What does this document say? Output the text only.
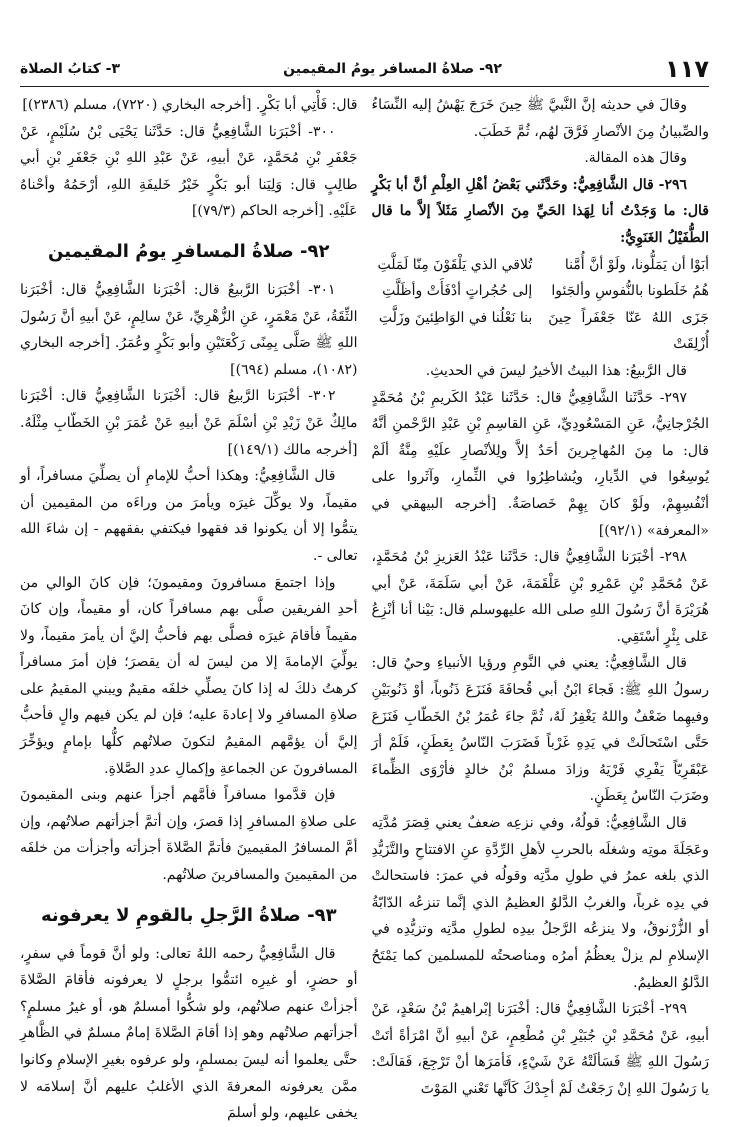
١١٧
٩٢- صلاةُ المسافر يومُ المقيمين
٣- كتابُ الصلاة

وقالَ في حديثه إنَّ النَّبيَّ ﷺ حِينَ خَرَجَ يَهْشُ إليه النِّسَاءُ والصِّبيانُ مِنَ الأنْصارِ فَرَّقَ لهُم، ثُمَّ خَطَبَ.

وقالَ هذه المقالة.

٢٩٦- قال الشَّافِعِيُّ: وحَدَّثَني بَعْضُ أهْلِ العِلْمِ أنَّ أبا بَكْرٍ قال: ما وَجَدْتُ أنا لِهَذا الحَيِّ مِنَ الأنْصارِ مَثَلاً إلاَّ ما قال الطُّفَيْلُ الغَنَوِيُّ:

أبَوْا أن يَمَلُّونا، ولَوْ أنَّ أُمَّنا
تُلاقي الذي يَلْقَوْنَ مِنّا لَمَلَّتِ
هُمُ خَلَطونا بالنُّفوسِ وألجَئوا
إلى حُجُراتٍ أدْفَأَتْ وأظَلَّتِ
جَزَى اللهُ عَنّا جَعْفَراً حِينَ أُزْلِقَتْ
بنا نَعْلُنا في الوَاطِئينَ وزَلَّتِ

قال الرَّبيعُ: هذا البيتُ الأخيرُ ليسَ في الحديثِ.

٢٩٧- حَدَّثَنا الشَّافِعِيُّ قال: حَدَّثَنا عَبْدُ الكَريمِ بْنُ مُحَمَّدٍ الجُرْجانِيُّ، عَنِ المَسْعُودِيِّ، عَنِ القاسِمِ بْنِ عَبْدِ الرَّحْمنِ أنَّهُ قال: ما مِنَ المُهاجِرينَ أحَدٌ إلاَّ ولِلأنْصارِ علَيْهِ مِنَّةٌ ألَمْ يُوسِعُوا في الدِّيارِ، ويُشاطِرُوا في الثِّمارِ، وآثَروا على أنْفُسِهِمْ، ولَوْ كانَ بِهِمْ خَصاصَةٌ. [أخرجه البيهقي في «المعرفة» (٩٢/١)]

٢٩٨- أخْبَرَنا الشَّافِعِيُّ قال: حَدَّثَنا عَبْدُ العَزيزِ بْنُ مُحَمَّدٍ، عَنْ مُحَمَّدِ بْنِ عَمْرِو بْنِ عَلْقَمَةَ، عَنْ أبي سَلَمَةَ، عَنْ أبي هُرَيْرَةَ أنَّ رَسُولَ اللهِ صلى الله عليهوسلم قال: بَيْنا أنا أنْزِعُ عَلى بِئْرٍ أسْتَقِي.

قال الشَّافِعِيُّ: يعني في النَّومِ ورؤيا الأنبياءِ وحيٌ قال: رسولُ اللهِ ﷺ: فَجاءَ ابْنُ أبي قُحافَةَ فَنَزَعَ ذَنُوباً، أوْ ذَنُوبَيْنِ وفيهِما ضَعْفٌ واللهُ يَغْفِرُ لَهُ، ثُمَّ جاءَ عُمَرُ بْنُ الخَطّابِ فَنَزَعَ حَتَّى اسْتَحالَتْ في يَدِهِ غَرْباً فَضَرَبَ النّاسُ بِعَطَنٍ، فَلَمْ أرَ عَبْقَرِيّاً يَفْرِي فَرْيَهُ وزادَ مسلمُ بْنُ خالدٍ فأرْوَى الظِّماءَ وضَرَبَ النّاسُ بِعَطَنٍ.

قال الشَّافِعِيُّ: قولُهُ، وفي نزعِه ضعفٌ يعني قِصَرَ مُدَّتِه وعَجَلَةَ موتِه وشغلَه بالحربِ لأهلِ الرِّدَّةِ عنِ الافتتاحِ والتَّزَيُّدِ الذي بلغه عمرُ في طولِ مدَّتِه وقولُه في عمرَ: فاستحالتْ في يدِه غرباً، والغربُ الدَّلوُ العظيمُ الذي إنَّما تنزعُه الدّابّةُ أو الزُّرْنوقُ، ولا ينزعُه الرَّجلُ بيدِه لطولِ مدَّتِه وتزيُّدِه في الإسلامِ لم يزلْ يعظُمُ أمرُه ومناصحتُه للمسلمين كما يَمْتَحُ الدَّلوُ العظيمُ.

٢٩٩- أخْبَرَنا الشَّافِعِيُّ قال: أخْبَرَنا إبْراهيمُ بْنُ سَعْدٍ، عَنْ أبيهِ، عَنْ مُحَمَّدِ بْنِ جُبَيْرِ بْنِ مُطْعِمٍ، عَنْ أبيهِ أنَّ امْرَأةً أتَتْ رَسُولَ اللهِ ﷺ فَسَألَتْهُ عَنْ شَيْءٍ، فَأمَرَها أنْ تَرْجِعَ، فَقالَتْ: يا رَسُولَ اللهِ إنْ رَجَعْتُ لَمْ أجِدْكَ كَأنَّها تَعْني المَوْتَ

قال: فَأْتِي أبا بَكْرٍ. [أخرجه البخاري (٧٢٢٠)، مسلم (٢٣٨٦)]

٣٠٠- أخْبَرَنا الشَّافِعِيُّ قال: حَدَّثَنا يَحْيَى بْنُ سُلَيْمٍ، عَنْ جَعْفَرِ بْنِ مُحَمَّدٍ، عَنْ أبيهِ، عَنْ عَبْدِ اللهِ بْنِ جَعْفَرِ بْنِ أبي طالِبٍ قال: وَلِيَنا أبو بَكْرٍ خَيْرُ خَليفَةِ اللهِ، أرْحَمُهُ وأحْناهُ عَلَيْهِ. [أخرجه الحاكم (٧٩/٣)]

٩٢- صلاةُ المسافرِ يومُ المقيمين

٣٠١- أخْبَرَنا الرَّبيعُ قال: أخْبَرَنا الشَّافِعِيُّ قال: أخْبَرَنا الثِّقَةُ، عَنْ مَعْمَرٍ، عَنِ الزُّهْرِيِّ، عَنْ سالِمٍ، عَنْ أبيهِ أنَّ رَسُولَ اللهِ ﷺ صَلَّى بِمِنًى رَكْعَتَيْنِ وأبو بَكْرٍ وعُمَرُ. [أخرجه البخاري (١٠٨٢)، مسلم (٦٩٤)]

٣٠٢- أخْبَرَنا الرَّبيعُ قال: أخْبَرَنا الشَّافِعِيُّ قال: أخْبَرَنا مالِكٌ عَنْ زَيْدِ بْنِ أسْلَمَ عَنْ أبيهِ عَنْ عُمَرَ بْنِ الخَطّابِ مِثْلَهُ. [أخرجه مالك (١٤٩/١)]

قال الشَّافِعِيُّ: وهكذا أحبُّ للإمامِ أن يصلِّيَ مسافراً، أو مقيماً، ولا يوكِّلَ غيرَه ويأمرَ من وراءَه من المقيمين أن يتمُّوا إلا أن يكونوا قد فقهوا فيكتفي بفقههم - إن شاءَ الله تعالى -.

وإذا اجتمعَ مسافرونَ ومقيمونَ؛ فإن كانَ الوالي من أحدِ الفريقين صلَّى بهم مسافراً كان، أو مقيماً، وإن كانَ مقيماً فأقامَ غيرَه فصلَّى بهم فأحبُّ إليَّ أن يأمرَ مقيماً، ولا يولِّيَ الإمامةَ إلا من ليسَ له أن يقصرَ؛ فإن أمرَ مسافراً كرهتُ ذلكَ له إذا كانَ يصلِّي خلفَه مقيمٌ ويبني المقيمُ على صلاةِ المسافرِ ولا إعادةَ عليه؛ فإن لم يكن فيهم والٍ فأحبُّ إليَّ أن يؤمَّهم المقيمُ لتكونَ صلاتُهم كلُّها بإمامٍ ويؤخِّرَ المسافرونَ عن الجماعةِ وإكمالِ عددِ الصَّلاةِ.

فإن قدَّموا مسافراً فأمَّهم أجزأ عنهم وبنى المقيمونَ على صلاةِ المسافرِ إذا قصرَ، وإن أتمَّ أجزأتهم صلاتُهم، وإن أمَّ المسافرُ المقيمينَ فأتمَّ الصَّلاةَ أجزأته وأجزأت من خلفَه من المقيمينَ والمسافرينَ صلاتُهم.

٩٣- صلاةُ الرَّجلِ بالقومِ لا يعرفونه

قال الشَّافِعِيُّ رحمه اللهُ تعالى: ولو أنَّ قوماً في سفرٍ، أو حضرٍ، أو غيرِه ائتمُّوا برجلٍ لا يعرفونه فأقامَ الصَّلاةَ أجزأتْ عنهم صلاتُهم، ولو شكُّوا أمسلمٌ هو، أو غيرُ مسلمٍ؟ أجزأتهم صلاتُهم وهو إذا أقامَ الصَّلاةَ إمامٌ مسلمٌ في الظَّاهرِ حتَّى يعلموا أنه ليسَ بمسلمٍ، ولو عرفوه بغيرِ الإسلامِ وكانوا ممَّن يعرفونه المعرفةَ الذي الأغلبُ عليهم أنَّ إسلامَه لا يخفى عليهم، ولو أسلمَ
